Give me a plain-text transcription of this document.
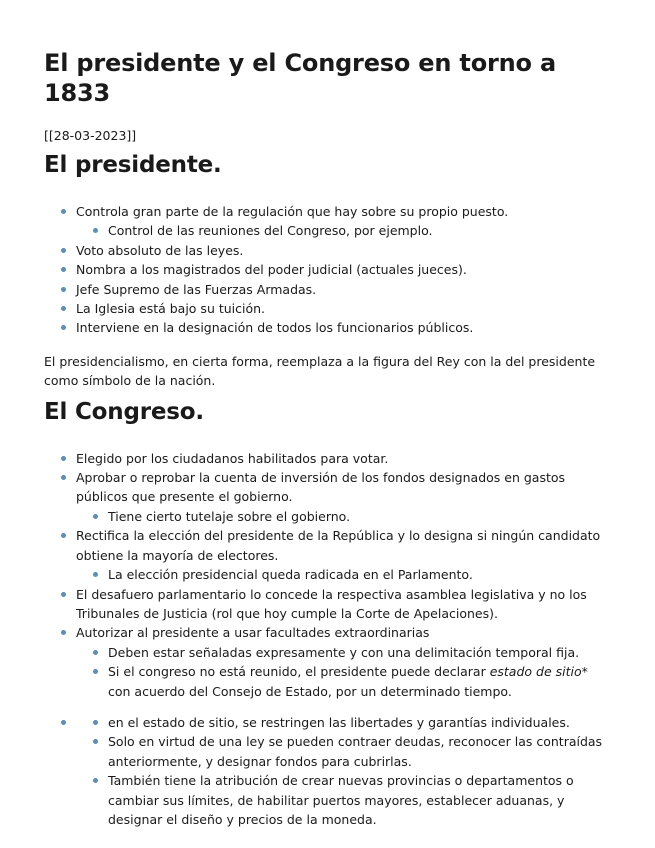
El presidente y el Congreso en torno a 1833
[[28-03-2023]]
El presidente.
Controla gran parte de la regulación que hay sobre su propio puesto.
Control de las reuniones del Congreso, por ejemplo.
Voto absoluto de las leyes.
Nombra a los magistrados del poder judicial (actuales jueces).
Jefe Supremo de las Fuerzas Armadas.
La Iglesia está bajo su tuición.
Interviene en la designación de todos los funcionarios públicos.

El presidencialismo, en cierta forma, reemplaza a la figura del Rey con la del presidente como símbolo de la nación.

El Congreso.
Elegido por los ciudadanos habilitados para votar.
Aprobar o reprobar la cuenta de inversión de los fondos designados en gastos públicos que presente el gobierno.
Tiene cierto tutelaje sobre el gobierno.
Rectifica la elección del presidente de la República y lo designa si ningún candidato obtiene la mayoría de electores.
La elección presidencial queda radicada en el Parlamento.
El desafuero parlamentario lo concede la respectiva asamblea legislativa y no los Tribunales de Justicia (rol que hoy cumple la Corte de Apelaciones).
Autorizar al presidente a usar facultades extraordinarias
Deben estar señaladas expresamente y con una delimitación temporal fija.
Si el congreso no está reunido, el presidente puede declarar estado de sitio* con acuerdo del Consejo de Estado, por un determinado tiempo.
en el estado de sitio, se restringen las libertades y garantías individuales.
Solo en virtud de una ley se pueden contraer deudas, reconocer las contraídas anteriormente, y designar fondos para cubrirlas.
También tiene la atribución de crear nuevas provincias o departamentos o cambiar sus límites, de habilitar puertos mayores, establecer aduanas, y designar el diseño y precios de la moneda.
